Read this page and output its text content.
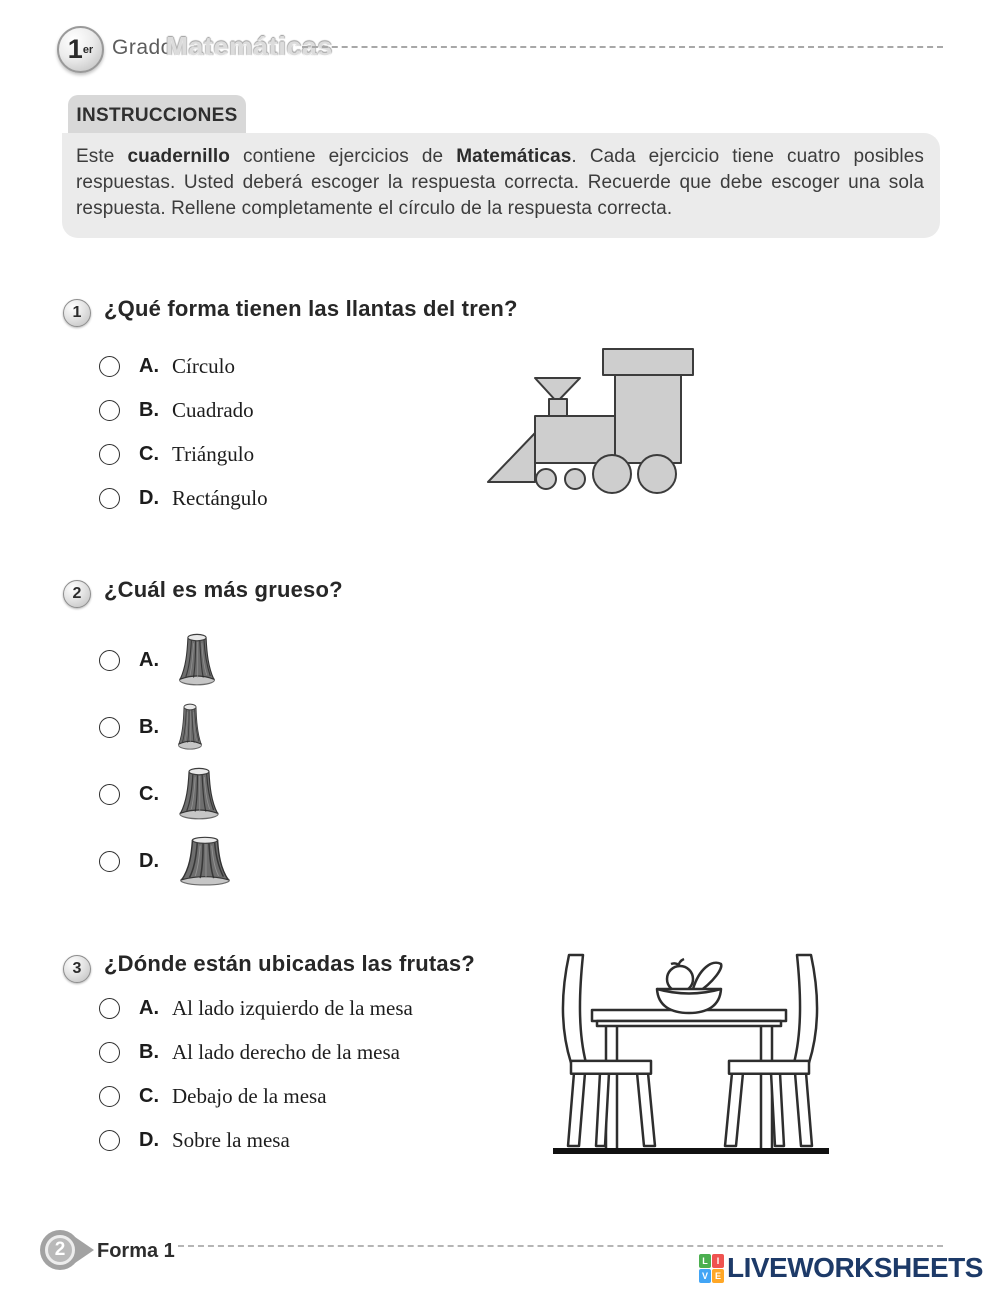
1 er Grado
Matemáticas
INSTRUCCIONES

Este cuadernillo contiene ejercicios de Matemáticas. Cada ejercicio tiene cuatro posibles respuestas. Usted deberá escoger la respuesta correcta. Recuerde que debe escoger una sola respuesta. Rellene completamente el círculo de la respuesta correcta.

1	¿Qué forma tienen las llantas del tren?
A. Círculo
B. Cuadrado
C. Triángulo
D. Rectángulo
2	¿Cuál es más grueso?
A.
B.
C.
D.
3	¿Dónde están ubicadas las frutas?
A. Al lado izquierdo de la mesa
B. Al lado derecho de la mesa
C. Debajo de la mesa
D. Sobre la mesa
2	Forma 1	L I
V E LIVEWORKSHEETS
